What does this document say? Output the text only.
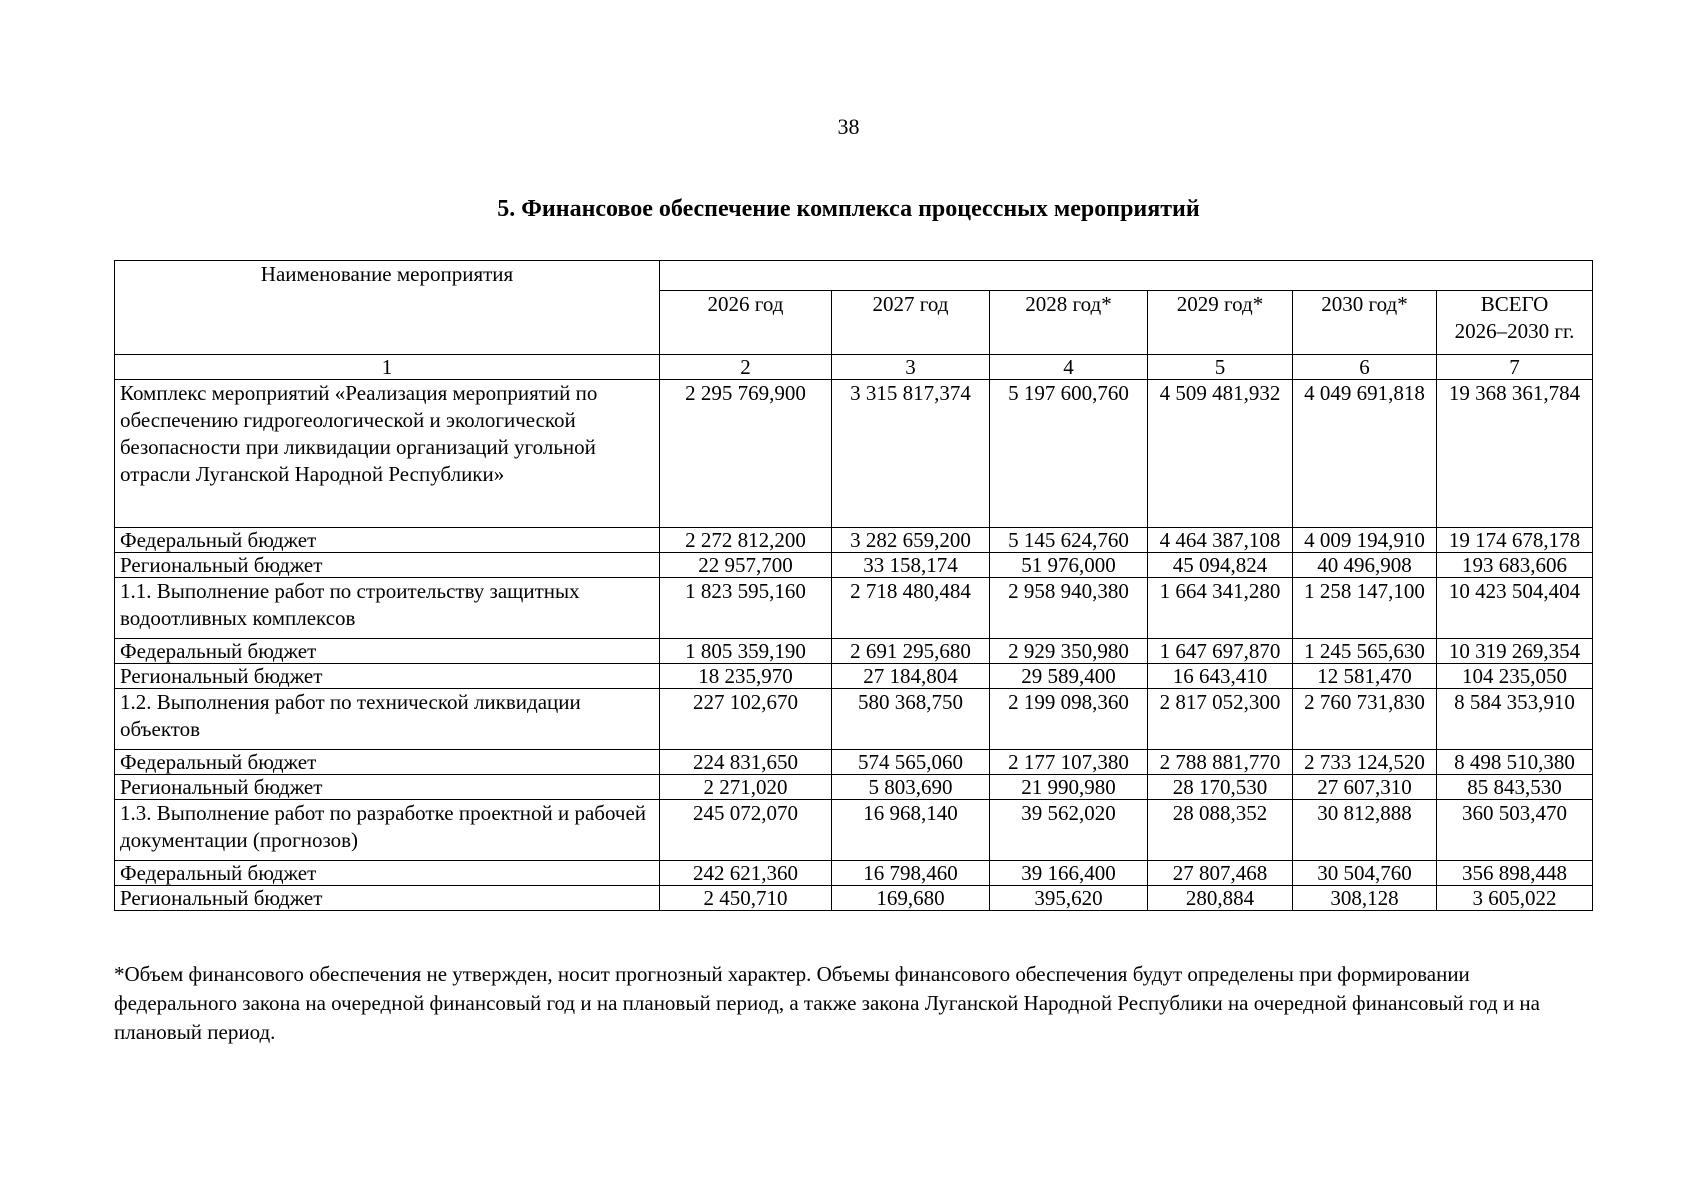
38
5. Финансовое обеспечение комплекса процессных мероприятий
Наименование мероприятия						
	2026 год	2027 год	2028 год*	2029 год*	2030 год*	ВСЕГО
2026–2030 гг.

1	2	3	4	5	6	7
Комплекс мероприятий «Реализация мероприятий по обеспечению гидрогеологической и экологической безопасности при ликвидации организаций угольной отрасли Луганской Народной Республики»	2 295 769,900	3 315 817,374	5 197 600,760	4 509 481,932	4 049 691,818	19 368 361,784
Федеральный бюджет	2 272 812,200	3 282 659,200	5 145 624,760	4 464 387,108	4 009 194,910	19 174 678,178
Региональный бюджет	22 957,700	33 158,174	51 976,000	45 094,824	40 496,908	193 683,606
1.1. Выполнение работ по строительству защитных водоотливных комплексов	1 823 595,160	2 718 480,484	2 958 940,380	1 664 341,280	1 258 147,100	10 423 504,404
Федеральный бюджет	1 805 359,190	2 691 295,680	2 929 350,980	1 647 697,870	1 245 565,630	10 319 269,354
Региональный бюджет	18 235,970	27 184,804	29 589,400	16 643,410	12 581,470	104 235,050
1.2. Выполнения работ по технической ликвидации объектов	227 102,670	580 368,750	2 199 098,360	2 817 052,300	2 760 731,830	8 584 353,910
Федеральный бюджет	224 831,650	574 565,060	2 177 107,380	2 788 881,770	2 733 124,520	8 498 510,380
Региональный бюджет	2 271,020	5 803,690	21 990,980	28 170,530	27 607,310	85 843,530
1.3. Выполнение работ по разработке проектной и рабочей документации (прогнозов)	245 072,070	16 968,140	39 562,020	28 088,352	30 812,888	360 503,470
Федеральный бюджет	242 621,360	16 798,460	39 166,400	27 807,468	30 504,760	356 898,448
Региональный бюджет	2 450,710	169,680	395,620	280,884	308,128	3 605,022
*Объем финансового обеспечения не утвержден, носит прогнозный характер. Объемы финансового обеспечения будут определены при формировании федерального закона на очередной финансовый год и на плановый период, а также закона Луганской Народной Республики на очередной финансовый год и на плановый период.
